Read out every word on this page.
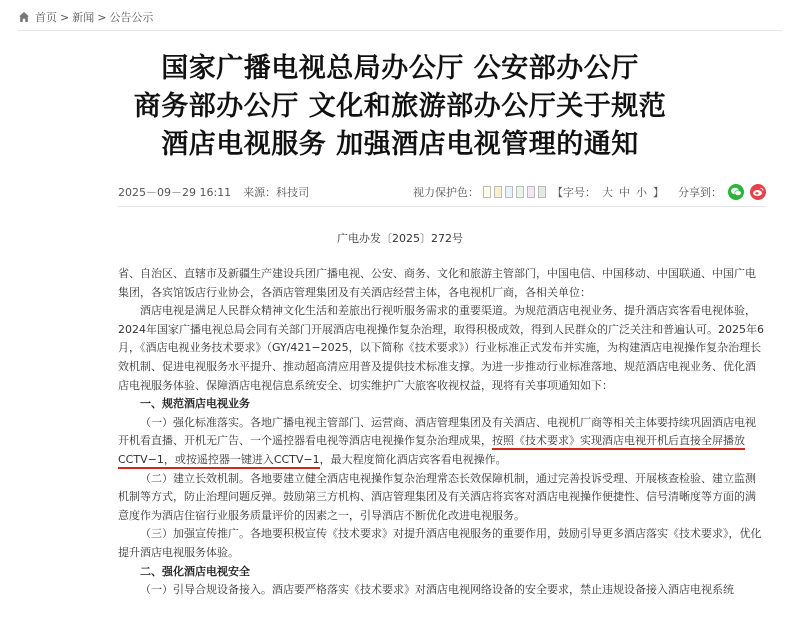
首页 > 新闻 > 公告公示
国家广播电视总局办公厅 公安部办公厅
商务部办公厅 文化和旅游部办公厅关于规范
酒店电视服务 加强酒店电视管理的通知
2025－09－29 16:11 来源：科技司	视力保护色：	【字号： 大 中 小 】 分享到：
广电办发〔2025〕272号

省、自治区、直辖市及新疆生产建设兵团广播电视、公安、商务、文化和旅游主管部门，中国电信、中国移动、中国联通、中国广电集团，各宾馆饭店行业协会，各酒店管理集团及有关酒店经营主体，各电视机厂商，各相关单位：

酒店电视是满足人民群众精神文化生活和差旅出行视听服务需求的重要渠道。为规范酒店电视业务、提升酒店宾客看电视体验，2024年国家广播电视总局会同有关部门开展酒店电视操作复杂治理，取得积极成效，得到人民群众的广泛关注和普遍认可。2025年6月，《酒店电视业务技术要求》（GY/421−2025，以下简称《技术要求》）行业标准正式发布并实施，为构建酒店电视操作复杂治理长效机制、促进电视服务水平提升、推动超高清应用普及提供技术标准支撑。为进一步推动行业标准落地、规范酒店电视业务、优化酒店电视服务体验、保障酒店电视信息系统安全、切实维护广大旅客收视权益，现将有关事项通知如下：

一、规范酒店电视业务

（一）强化标准落实。各地广播电视主管部门、运营商、酒店管理集团及有关酒店、电视机厂商等相关主体要持续巩固酒店电视开机看直播、开机无广告、一个遥控器看电视等酒店电视操作复杂治理成果，按照《技术要求》实现酒店电视开机后直接全屏播放CCTV−1，或按遥控器一键进入CCTV−1，最大程度简化酒店宾客看电视操作。

（二）建立长效机制。各地要建立健全酒店电视操作复杂治理常态长效保障机制，通过完善投诉受理、开展核查检验、建立监测机制等方式，防止治理问题反弹。鼓励第三方机构、酒店管理集团及有关酒店将宾客对酒店电视操作便捷性、信号清晰度等方面的满意度作为酒店住宿行业服务质量评价的因素之一，引导酒店不断优化改进电视服务。

（三）加强宣传推广。各地要积极宣传《技术要求》对提升酒店电视服务的重要作用，鼓励引导更多酒店落实《技术要求》，优化提升酒店电视服务体验。

二、强化酒店电视安全

（一）引导合规设备接入。酒店要严格落实《技术要求》对酒店电视网络设备的安全要求，禁止违规设备接入酒店电视系统
